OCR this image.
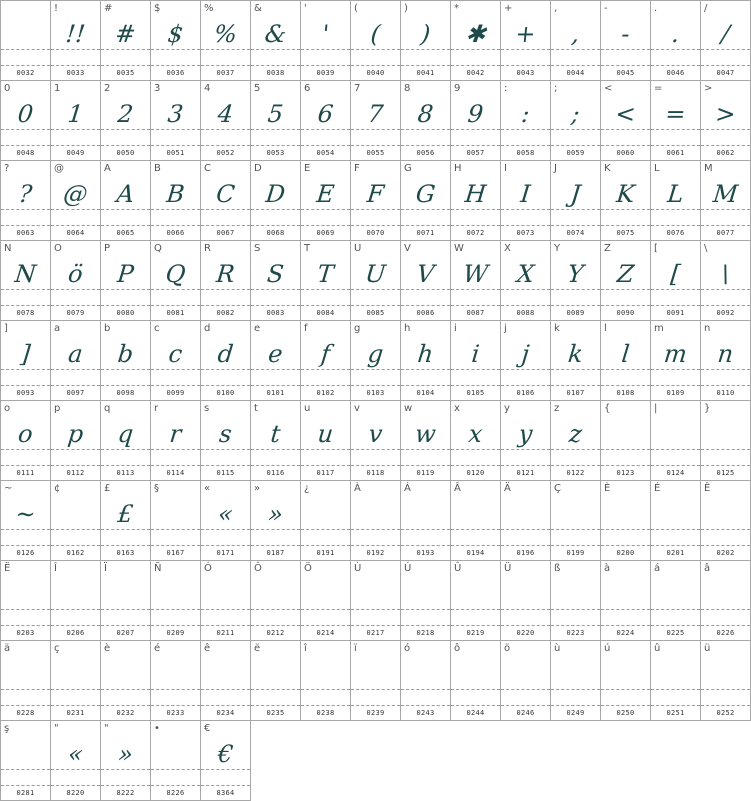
0032
!
!!
0033
#
#
0035
$
$
0036
%
%
0037
&
&
0038
'
'
0039
(
(
0040
)
)
0041
*
✱
0042
+
+
0043
,
,
0044
-
-
0045
.
.
0046
/
/
0047
0
0
0048
1
1
0049
2
2
0050
3
3
0051
4
4
0052
5
5
0053
6
6
0054
7
7
0055
8
8
0056
9
9
0057
:
:
0058
;
;
0059
<
<
0060
=
=
0061
>
>
0062
?
?
0063
@
@
0064
A
A
0065
B
B
0066
C
C
0067
D
D
0068
E
E
0069
F
F
0070
G
G
0071
H
H
0072
I
I
0073
J
J
0074
K
K
0075
L
L
0076
M
M
0077
N
N
0078
O
ö
0079
P
P
0080
Q
Q
0081
R
R
0082
S
S
0083
T
T
0084
U
U
0085
V
V
0086
W
W
0087
X
X
0088
Y
Y
0089
Z
Z
0090
[
[
0091
\
\
0092
]
]
0093
a
a
0097
b
b
0098
c
c
0099
d
d
0100
e
e
0101
f
f
0102
g
g
0103
h
h
0104
i
i
0105
j
j
0106
k
k
0107
l
l
0108
m
m
0109
n
n
0110
o
o
0111
p
p
0112
q
q
0113
r
r
0114
s
s
0115
t
t
0116
u
u
0117
v
v
0118
w
w
0119
x
x
0120
y
y
0121
z
z
0122
{
0123
|
0124
}
0125
~
~
0126
¢
0162
£
£
0163
§
0167
«
«
0171
»
»
0187
¿
0191
À
0192
Á
0193
Â
0194
Ä
0196
Ç
0199
È
0200
É
0201
Ê
0202
Ë
0203
Î
0206
Ï
0207
Ñ
0209
Ó
0211
Ô
0212
Ö
0214
Ù
0217
Ú
0218
Û
0219
Ü
0220
ß
0223
à
0224
á
0225
â
0226
ä
0228
ç
0231
è
0232
é
0233
ê
0234
ë
0235
î
0238
ï
0239
ó
0243
ô
0244
ö
0246
ù
0249
ú
0250
û
0251
ü
0252
ş
0281
"
«
8220
"
»
8222
•
8226
€
€
8364
